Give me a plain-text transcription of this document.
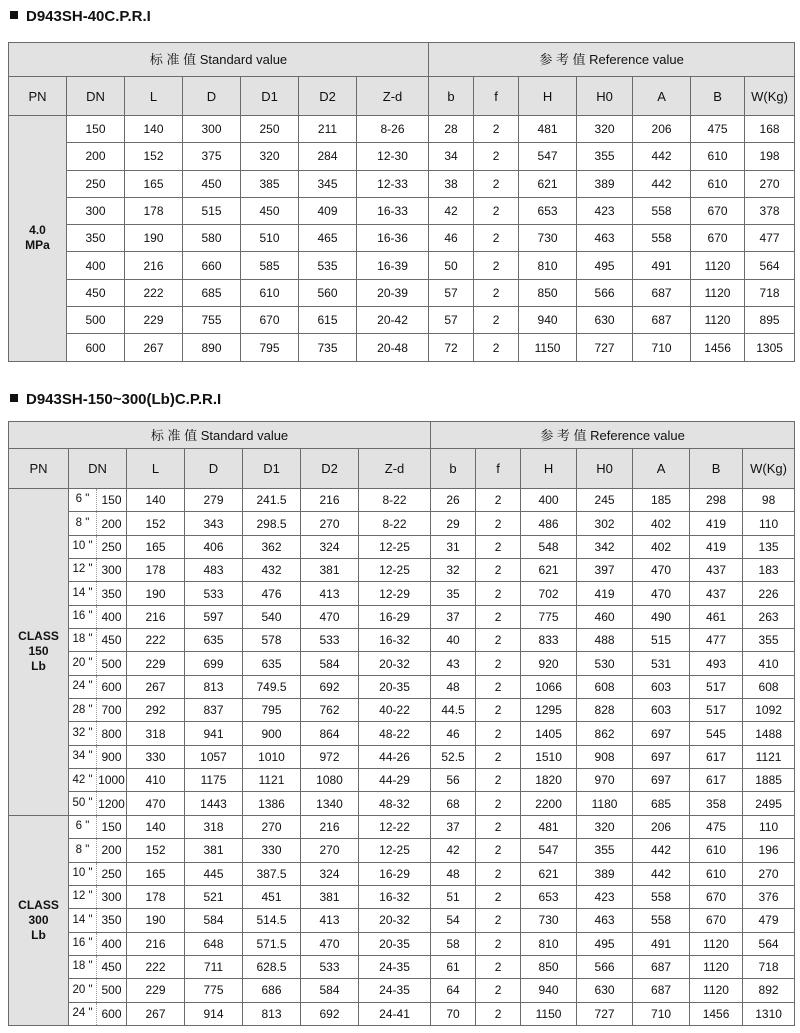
D943SH-40C.P.R.I
标 准 值 Standard value							参 考 值 Reference value						
PN	DN	L	D	D1	D2	Z-d	b	f	H	H0	A	B	W(Kg)
4.0
MPa	150	140	300	250	211	8-26	28	2	481	320	206	475	168
	200	152	375	320	284	12-30	34	2	547	355	442	610	198
	250	165	450	385	345	12-33	38	2	621	389	442	610	270
	300	178	515	450	409	16-33	42	2	653	423	558	670	378
	350	190	580	510	465	16-36	46	2	730	463	558	670	477
	400	216	660	585	535	16-39	50	2	810	495	491	1120	564
	450	222	685	610	560	20-39	57	2	850	566	687	1120	718
	500	229	755	670	615	20-42	57	2	940	630	687	1120	895
	600	267	890	795	735	20-48	72	2	1150	727	710	1456	1305
D943SH-150~300(Lb)C.P.R.I
标 准 值 Standard value								参 考 值 Reference value						
PN	DN		L	D	D1	D2	Z-d	b	f	H	H0	A	B	W(Kg)
CLASS
150
Lb	6 "	150	140	279	241.5	216	8-22	26	2	400	245	185	298	98
	8 "	200	152	343	298.5	270	8-22	29	2	486	302	402	419	110
	10 "	250	165	406	362	324	12-25	31	2	548	342	402	419	135
	12 "	300	178	483	432	381	12-25	32	2	621	397	470	437	183
	14 "	350	190	533	476	413	12-29	35	2	702	419	470	437	226
	16 "	400	216	597	540	470	16-29	37	2	775	460	490	461	263
	18 "	450	222	635	578	533	16-32	40	2	833	488	515	477	355
	20 "	500	229	699	635	584	20-32	43	2	920	530	531	493	410
	24 "	600	267	813	749.5	692	20-35	48	2	1066	608	603	517	608
	28 "	700	292	837	795	762	40-22	44.5	2	1295	828	603	517	1092
	32 "	800	318	941	900	864	48-22	46	2	1405	862	697	545	1488
	34 "	900	330	1057	1010	972	44-26	52.5	2	1510	908	697	617	1121
	42 "	1000	410	1175	1121	1080	44-29	56	2	1820	970	697	617	1885
	50 "	1200	470	1443	1386	1340	48-32	68	2	2200	1180	685	358	2495
CLASS
300
Lb	6 "	150	140	318	270	216	12-22	37	2	481	320	206	475	110
	8 "	200	152	381	330	270	12-25	42	2	547	355	442	610	196
	10 "	250	165	445	387.5	324	16-29	48	2	621	389	442	610	270
	12 "	300	178	521	451	381	16-32	51	2	653	423	558	670	376
	14 "	350	190	584	514.5	413	20-32	54	2	730	463	558	670	479
	16 "	400	216	648	571.5	470	20-35	58	2	810	495	491	1120	564
	18 "	450	222	711	628.5	533	24-35	61	2	850	566	687	1120	718
	20 "	500	229	775	686	584	24-35	64	2	940	630	687	1120	892
	24 "	600	267	914	813	692	24-41	70	2	1150	727	710	1456	1310
